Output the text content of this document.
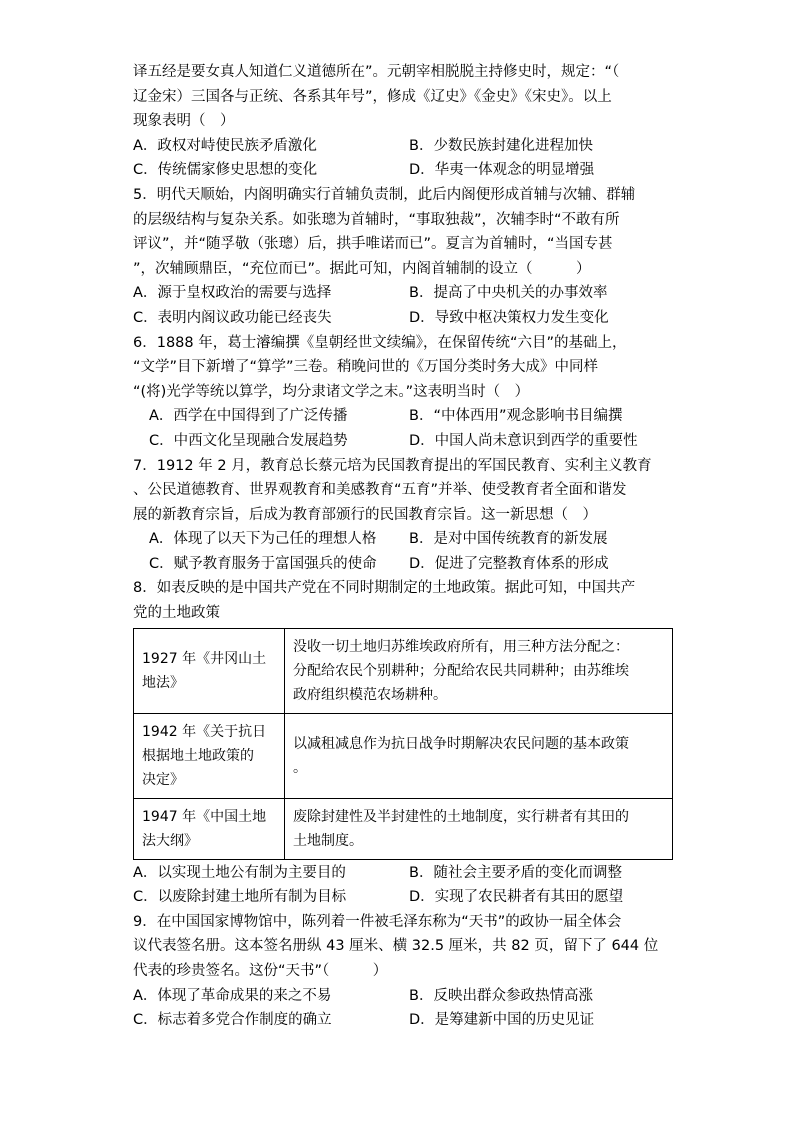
译五经是要女真人知道仁义道德所在”。元朝宰相脱脱主持修史时，规定：“（
辽金宋）三国各与正统、各系其年号”，修成《辽史》《金史》《宋史》。以上
现象表明（　）
A．政权对峙使民族矛盾激化	B．少数民族封建化进程加快
C．传统儒家修史思想的变化	D．华夷一体观念的明显增强
5．明代天顺始，内阁明确实行首辅负责制，此后内阁便形成首辅与次辅、群辅
的层级结构与复杂关系。如张璁为首辅时，“事取独裁”，次辅李时“不敢有所
评议”，并“随孚敬（张璁）后，拱手唯诺而已”。夏言为首辅时，“当国专甚
”，次辅顾鼎臣，“充位而已”。据此可知，内阁首辅制的设立（　　　）
A．源于皇权政治的需要与选择	B．提高了中央机关的办事效率
C．表明内阁议政功能已经丧失	D．导致中枢决策权力发生变化
6．1888 年，葛士濬编撰《皇朝经世文续编》，在保留传统“六目”的基础上，
“文学”目下新增了“算学”三卷。稍晚问世的《万国分类时务大成》中同样
“(将)光学等统以算学，均分隶诸文学之末。”这表明当时（　）
A．西学在中国得到了广泛传播	B．“中体西用”观念影响书目编撰
C．中西文化呈现融合发展趋势	D．中国人尚未意识到西学的重要性
7．1912 年 2 月，教育总长蔡元培为民国教育提出的军国民教育、实利主义教育
、公民道德教育、世界观教育和美感教育“五育”并举、使受教育者全面和谐发
展的新教育宗旨，后成为教育部颁行的民国教育宗旨。这一新思想（　）
A．体现了以天下为己任的理想人格	B．是对中国传统教育的新发展
C．赋予教育服务于富国强兵的使命	D．促进了完整教育体系的形成
8．如表反映的是中国共产党在不同时期制定的土地政策。据此可知，中国共产
党的土地政策
1927 年《井冈山土
地法》	没收一切土地归苏维埃政府所有，用三种方法分配之：
分配给农民个别耕种；分配给农民共同耕种；由苏维埃
政府组织模范农场耕种。

1942 年《关于抗日
根据地土地政策的
决定》	以减租减息作为抗日战争时期解决农民问题的基本政策
。

1947 年《中国土地
法大纲》	废除封建性及半封建性的土地制度，实行耕者有其田的
土地制度。
A．以实现土地公有制为主要目的	B．随社会主要矛盾的变化而调整
C．以废除封建土地所有制为目标	D．实现了农民耕者有其田的愿望
9．在中国国家博物馆中，陈列着一件被毛泽东称为“天书”的政协一届全体会
议代表签名册。这本签名册纵 43 厘米、横 32.5 厘米，共 82 页，留下了 644 位
代表的珍贵签名。这份“天书”（　　　）
A．体现了革命成果的来之不易	B．反映出群众参政热情高涨
C．标志着多党合作制度的确立	D．是筹建新中国的历史见证
